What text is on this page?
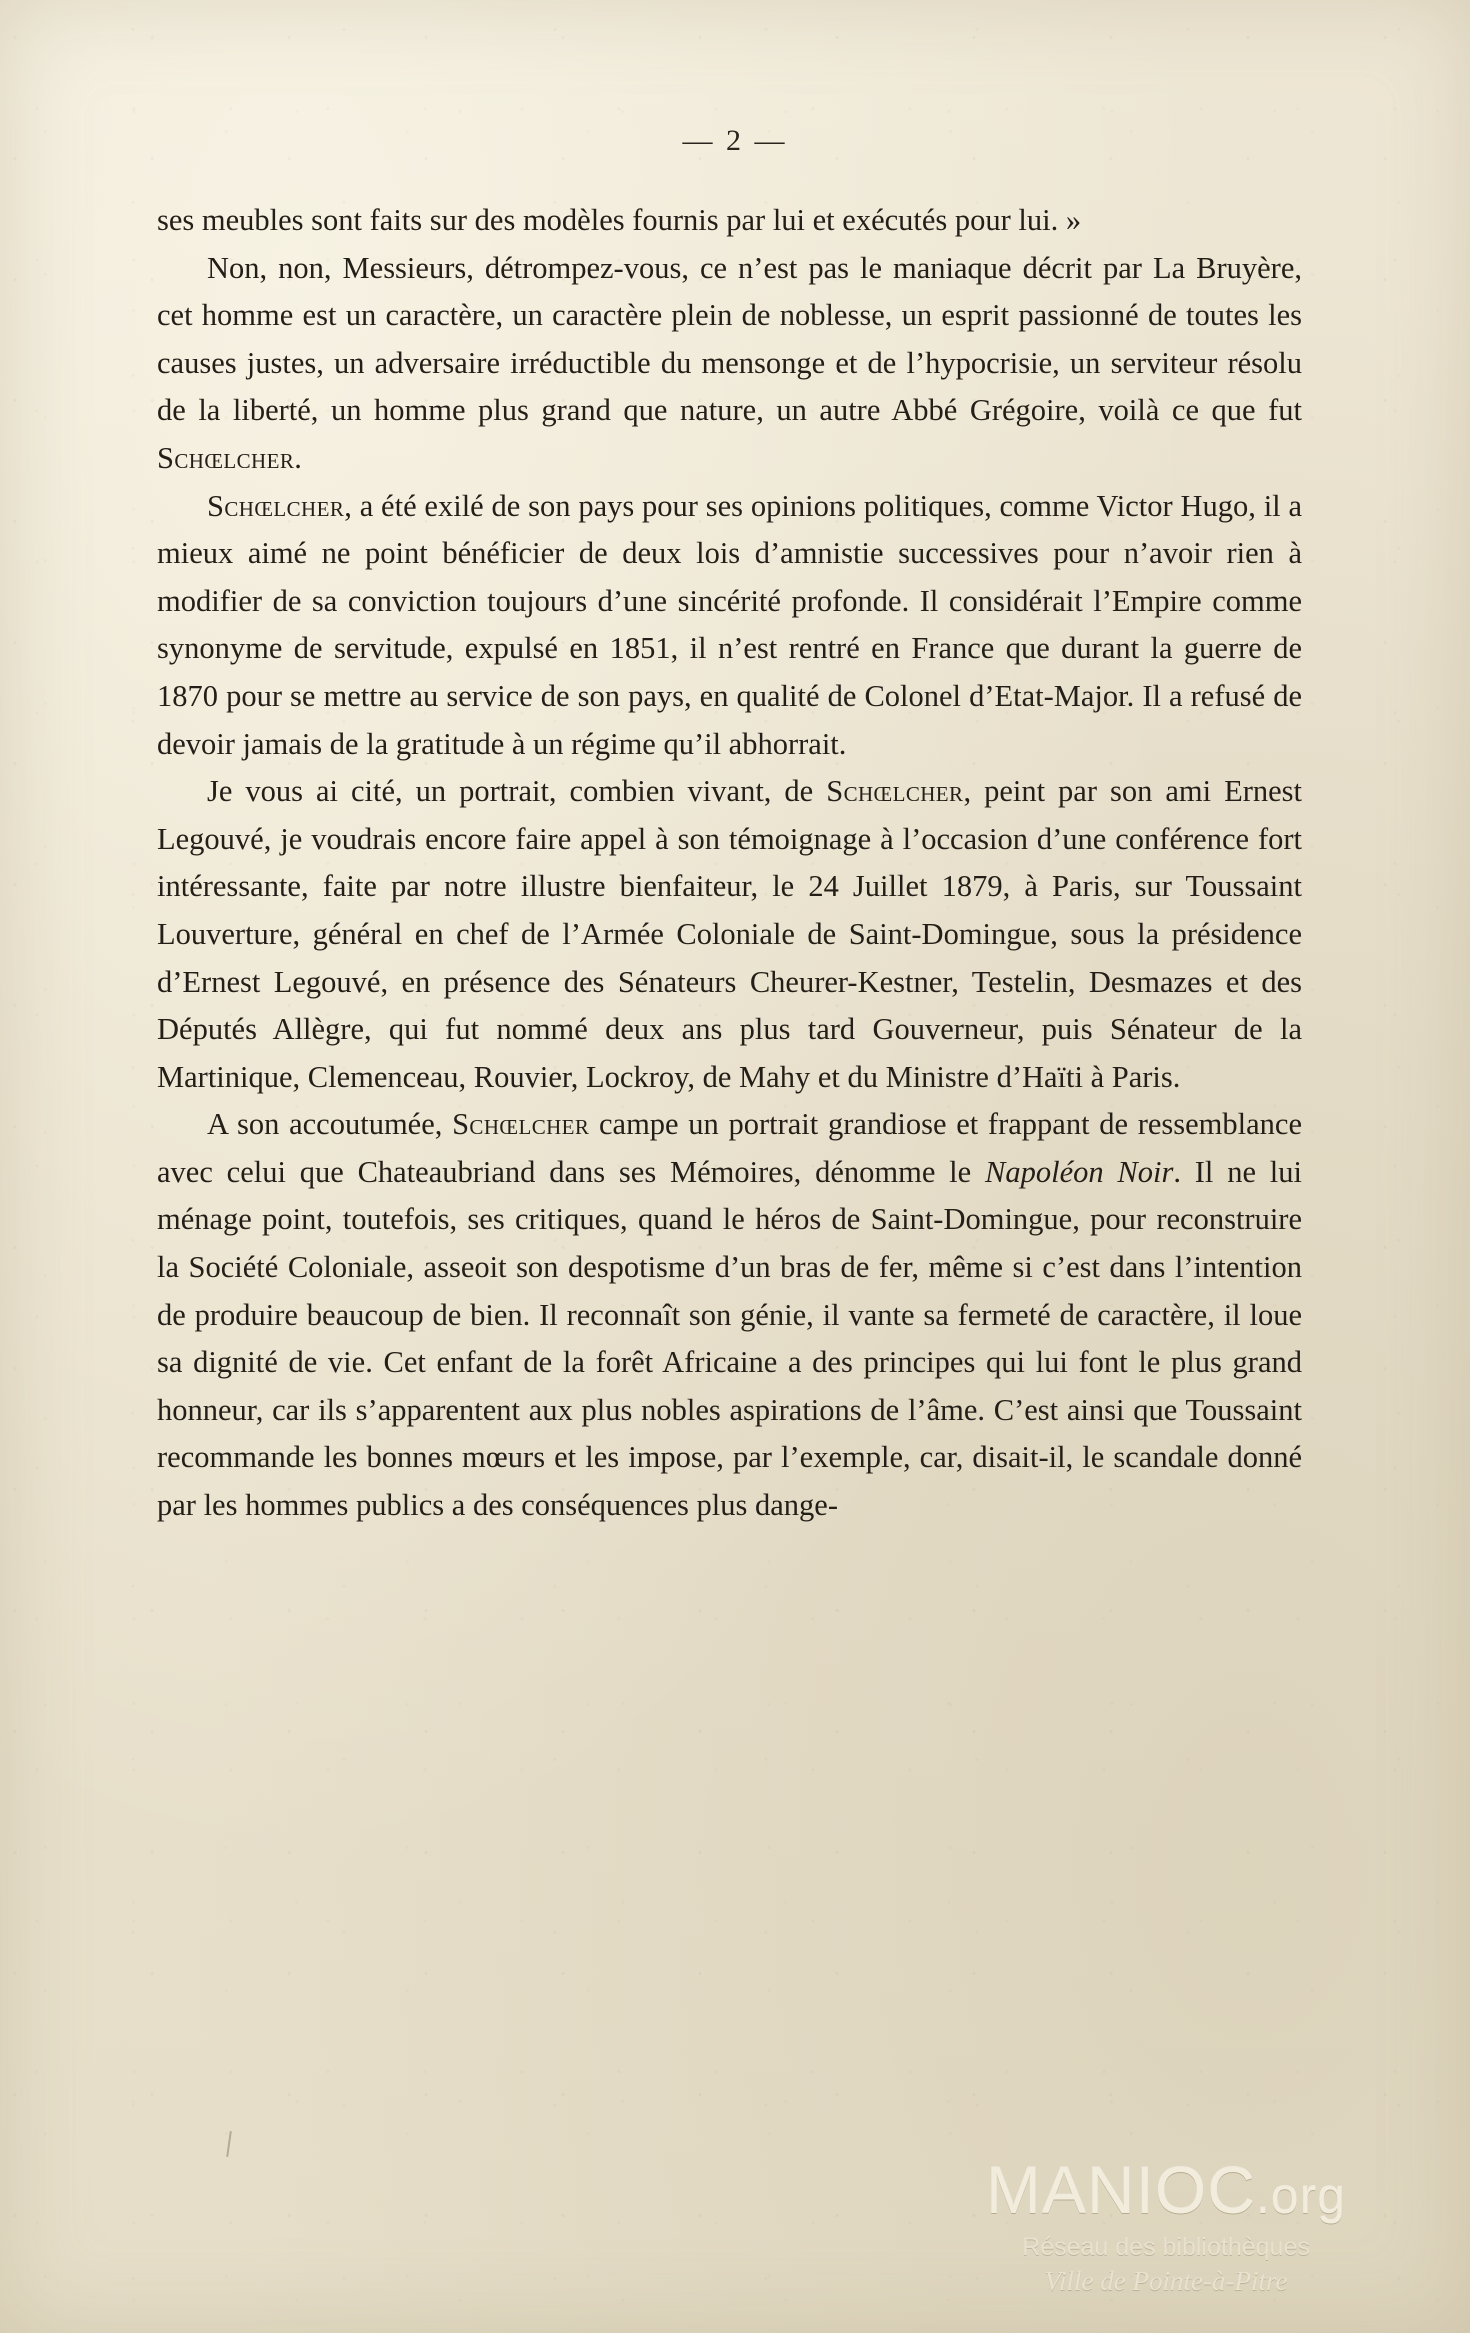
— 2 —

ses meubles sont faits sur des modèles fournis par lui et exécutés pour lui. »

Non, non, Messieurs, détrompez-vous, ce n’est pas le maniaque décrit par La Bruyère, cet homme est un caractère, un caractère plein de noblesse, un esprit passionné de toutes les causes justes, un adversaire irréductible du mensonge et de l’hypocrisie, un serviteur résolu de la liberté, un homme plus grand que nature, un autre Abbé Grégoire, voilà ce que fut Schœlcher.

Schœlcher, a été exilé de son pays pour ses opinions politiques, comme Victor Hugo, il a mieux aimé ne point bénéficier de deux lois d’amnistie successives pour n’avoir rien à modifier de sa conviction toujours d’une sincérité profonde. Il considérait l’Empire comme synonyme de servitude, expulsé en 1851, il n’est rentré en France que durant la guerre de 1870 pour se mettre au service de son pays, en qualité de Colonel d’Etat-Major. Il a refusé de devoir jamais de la gratitude à un régime qu’il abhorrait.

Je vous ai cité, un portrait, combien vivant, de Schœlcher, peint par son ami Ernest Legouvé, je voudrais encore faire appel à son témoignage à l’occasion d’une conférence fort intéressante, faite par notre illustre bienfaiteur, le 24 Juillet 1879, à Paris, sur Toussaint Louverture, général en chef de l’Armée Coloniale de Saint-Domingue, sous la présidence d’Ernest Legouvé, en présence des Sénateurs Cheurer-Kestner, Testelin, Desmazes et des Députés Allègre, qui fut nommé deux ans plus tard Gouverneur, puis Sénateur de la Martinique, Clemenceau, Rouvier, Lockroy, de Mahy et du Ministre d’Haïti à Paris.

A son accoutumée, Schœlcher campe un portrait grandiose et frappant de ressemblance avec celui que Chateaubriand dans ses Mémoires, dénomme le Napoléon Noir. Il ne lui ménage point, toutefois, ses critiques, quand le héros de Saint-Domingue, pour reconstruire la Société Coloniale, asseoit son despotisme d’un bras de fer, même si c’est dans l’intention de produire beaucoup de bien. Il reconnaît son génie, il vante sa fermeté de caractère, il loue sa dignité de vie. Cet enfant de la forêt Africaine a des principes qui lui font le plus grand honneur, car ils s’apparentent aux plus nobles aspirations de l’âme. C’est ainsi que Toussaint recommande les bonnes mœurs et les impose, par l’exemple, car, disait-il, le scandale donné par les hommes publics a des conséquences plus dange-

MANIOC.org
Réseau des bibliothèques
Ville de Pointe-à-Pitre
